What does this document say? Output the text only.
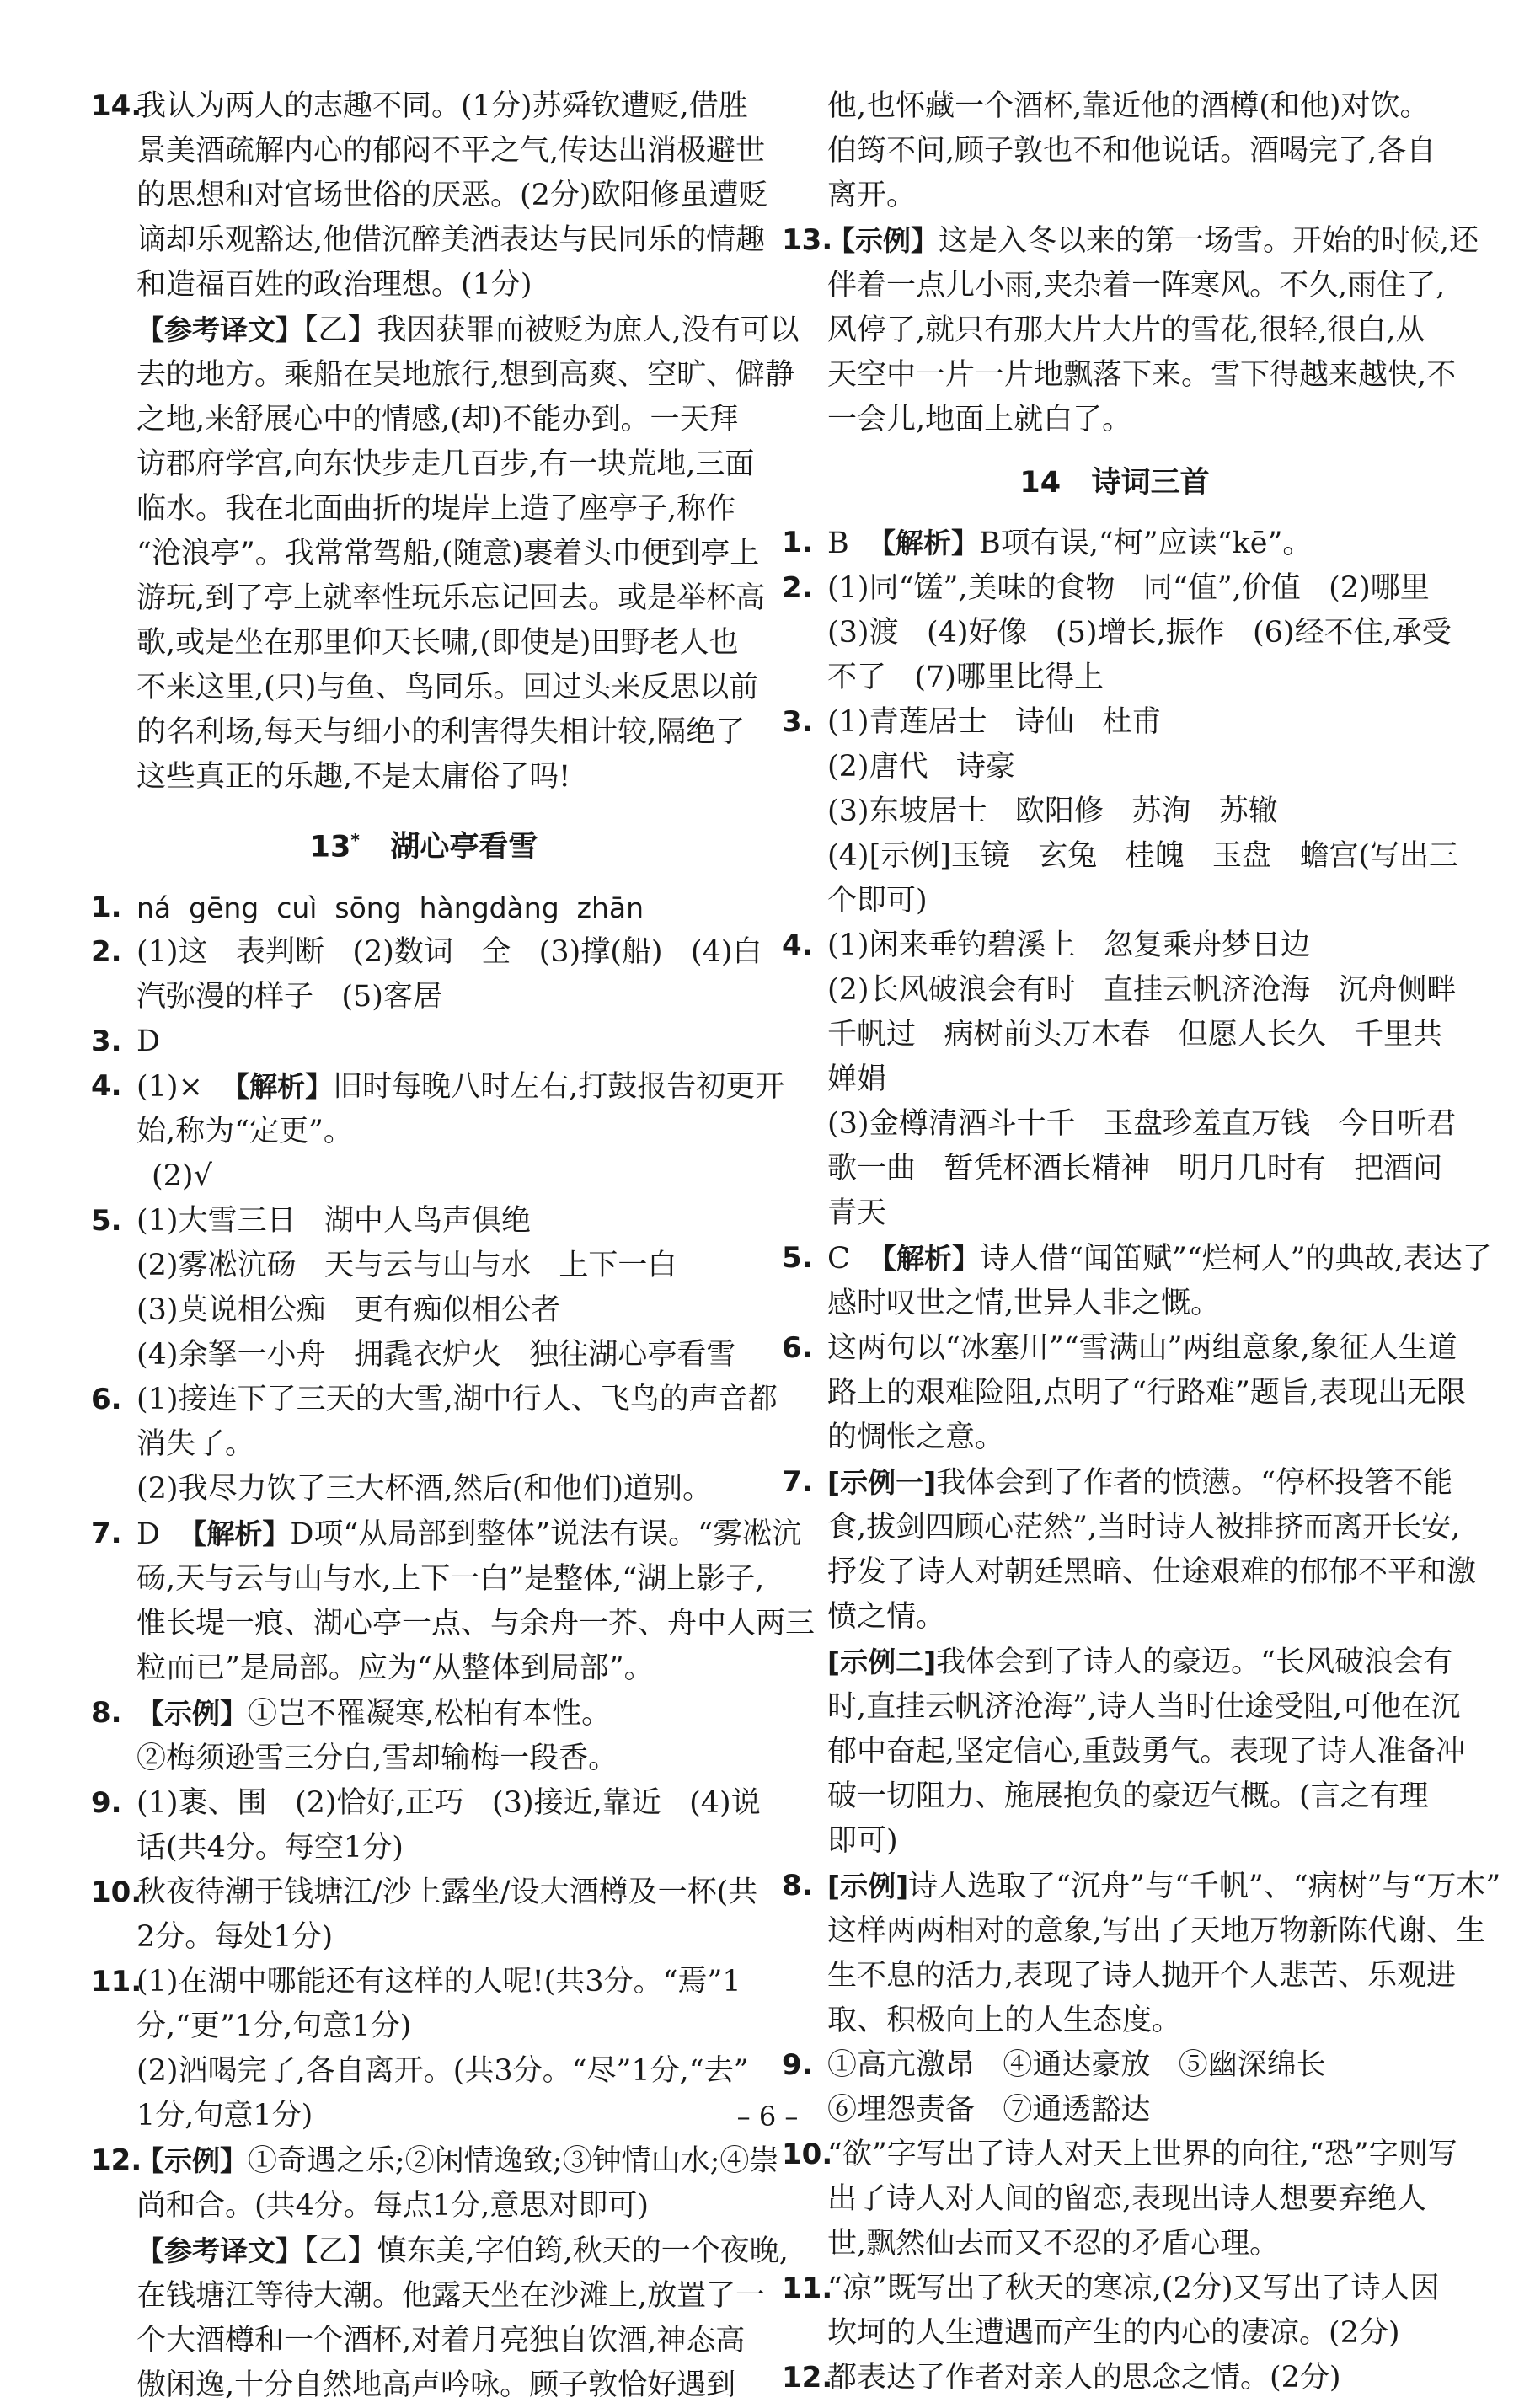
14.
我认为两人的志趣不同。(1分)苏舜钦遭贬,借胜
景美酒疏解内心的郁闷不平之气,传达出消极避世
的思想和对官场世俗的厌恶。(2分)欧阳修虽遭贬
谪却乐观豁达,他借沉醉美酒表达与民同乐的情趣
和造福百姓的政治理想。(1分)
【参考译文】【乙】我因获罪而被贬为庶人,没有可以
去的地方。乘船在吴地旅行,想到高爽、空旷、僻静
之地,来舒展心中的情感,(却)不能办到。一天拜
访郡府学宫,向东快步走几百步,有一块荒地,三面
临水。我在北面曲折的堤岸上造了座亭子,称作
“沧浪亭”。我常常驾船,(随意)裹着头巾便到亭上
游玩,到了亭上就率性玩乐忘记回去。或是举杯高
歌,或是坐在那里仰天长啸,(即使是)田野老人也
不来这里,(只)与鱼、鸟同乐。回过头来反思以前
的名利场,每天与细小的利害得失相计较,隔绝了
这些真正的乐趣,不是太庸俗了吗!
13* 湖心亭看雪
1. ná  gēng  cuì  sōng  hàngdàng  zhān
2. (1)这   表判断   (2)数词   全   (3)撑(船)   (4)白
汽弥漫的样子   (5)客居
3. D
4. (1)× 【解析】旧时每晚八时左右,打鼓报告初更开
始,称为“定更”。
(2)√
5. (1)大雪三日   湖中人鸟声俱绝
(2)雾凇沆砀   天与云与山与水   上下一白
(3)莫说相公痴   更有痴似相公者
(4)余拏一小舟   拥毳衣炉火   独往湖心亭看雪
6. (1)接连下了三天的大雪,湖中行人、飞鸟的声音都
消失了。
(2)我尽力饮了三大杯酒,然后(和他们)道别。
7. D 【解析】D项“从局部到整体”说法有误。“雾凇沆
砀,天与云与山与水,上下一白”是整体,“湖上影子,
惟长堤一痕、湖心亭一点、与余舟一芥、舟中人两三
粒而已”是局部。应为“从整体到局部”。
8. 【示例】①岂不罹凝寒,松柏有本性。
②梅须逊雪三分白,雪却输梅一段香。
9. (1)裹、围   (2)恰好,正巧   (3)接近,靠近   (4)说
话(共4分。每空1分)
10.
秋夜待潮于钱塘江/沙上露坐/设大酒樽及一杯(共
2分。每处1分)
11.
(1)在湖中哪能还有这样的人呢!(共3分。“焉”1
分,“更”1分,句意1分)
(2)酒喝完了,各自离开。(共3分。“尽”1分,“去”
1分,句意1分)
12.
【示例】①奇遇之乐;②闲情逸致;③钟情山水;④崇
尚和合。(共4分。每点1分,意思对即可)
【参考译文】【乙】慎东美,字伯筠,秋天的一个夜晚,
在钱塘江等待大潮。他露天坐在沙滩上,放置了一
个大酒樽和一个酒杯,对着月亮独自饮酒,神态高
傲闲逸,十分自然地高声吟咏。顾子敦恰好遇到
他,也怀藏一个酒杯,靠近他的酒樽(和他)对饮。
伯筠不问,顾子敦也不和他说话。酒喝完了,各自
离开。
13.
【示例】这是入冬以来的第一场雪。开始的时候,还
伴着一点儿小雨,夹杂着一阵寒风。不久,雨住了,
风停了,就只有那大片大片的雪花,很轻,很白,从
天空中一片一片地飘落下来。雪下得越来越快,不
一会儿,地面上就白了。
14 诗词三首
1. B 【解析】B项有误,“柯”应读“kē”。
2. (1)同“馐”,美味的食物   同“值”,价值   (2)哪里
(3)渡   (4)好像   (5)增长,振作   (6)经不住,承受
不了   (7)哪里比得上
3. (1)青莲居士   诗仙   杜甫
(2)唐代   诗豪
(3)东坡居士   欧阳修   苏洵   苏辙
(4)[示例]玉镜   玄兔   桂魄   玉盘   蟾宫(写出三
个即可)
4. (1)闲来垂钓碧溪上   忽复乘舟梦日边
(2)长风破浪会有时   直挂云帆济沧海   沉舟侧畔
千帆过   病树前头万木春   但愿人长久   千里共
婵娟
(3)金樽清酒斗十千   玉盘珍羞直万钱   今日听君
歌一曲   暂凭杯酒长精神   明月几时有   把酒问
青天
5. C 【解析】诗人借“闻笛赋”“烂柯人”的典故,表达了
感时叹世之情,世异人非之慨。
6. 这两句以“冰塞川”“雪满山”两组意象,象征人生道
路上的艰难险阻,点明了“行路难”题旨,表现出无限
的惆怅之意。
7. [示例一]我体会到了作者的愤懑。“停杯投箸不能
食,拔剑四顾心茫然”,当时诗人被排挤而离开长安,
抒发了诗人对朝廷黑暗、仕途艰难的郁郁不平和激
愤之情。
[示例二]我体会到了诗人的豪迈。“长风破浪会有
时,直挂云帆济沧海”,诗人当时仕途受阻,可他在沉
郁中奋起,坚定信心,重鼓勇气。表现了诗人准备冲
破一切阻力、施展抱负的豪迈气概。(言之有理
即可)
8. [示例]诗人选取了“沉舟”与“千帆”、“病树”与“万木”
这样两两相对的意象,写出了天地万物新陈代谢、生
生不息的活力,表现了诗人抛开个人悲苦、乐观进
取、积极向上的人生态度。
9. ①高亢激昂   ④通达豪放   ⑤幽深绵长
⑥埋怨责备   ⑦通透豁达
10.
“欲”字写出了诗人对天上世界的向往,“恐”字则写
出了诗人对人间的留恋,表现出诗人想要弃绝人
世,飘然仙去而又不忍的矛盾心理。
11.
“凉”既写出了秋天的寒凉,(2分)又写出了诗人因
坎坷的人生遭遇而产生的内心的凄凉。(2分)
12.
都表达了作者对亲人的思念之情。(2分)
– 6 –
